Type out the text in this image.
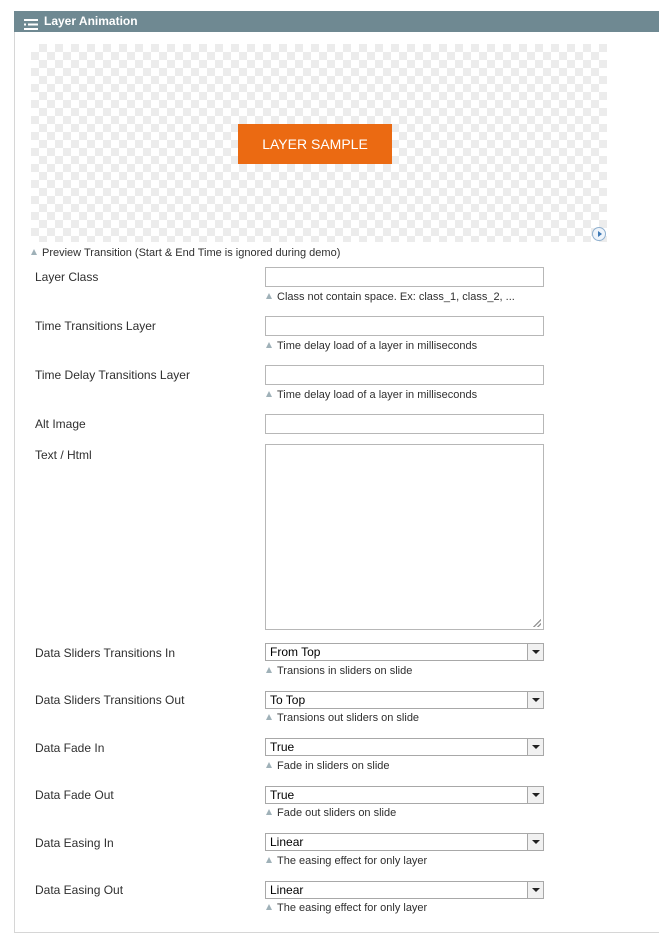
Layer Animation
LAYER SAMPLE
Preview Transition (Start & End Time is ignored during demo)
Layer Class
Class not contain space. Ex: class_1, class_2, ...
Time Transitions Layer
Time delay load of a layer in milliseconds
Time Delay Transitions Layer
Time delay load of a layer in milliseconds
Alt Image
Text / Html
Data Sliders Transitions In	From Top
Transions in sliders on slide
Data Sliders Transitions Out	To Top
Transions out sliders on slide
Data Fade In	True
Fade in sliders on slide
Data Fade Out	True
Fade out sliders on slide
Data Easing In	Linear
The easing effect for only layer
Data Easing Out	Linear
The easing effect for only layer
